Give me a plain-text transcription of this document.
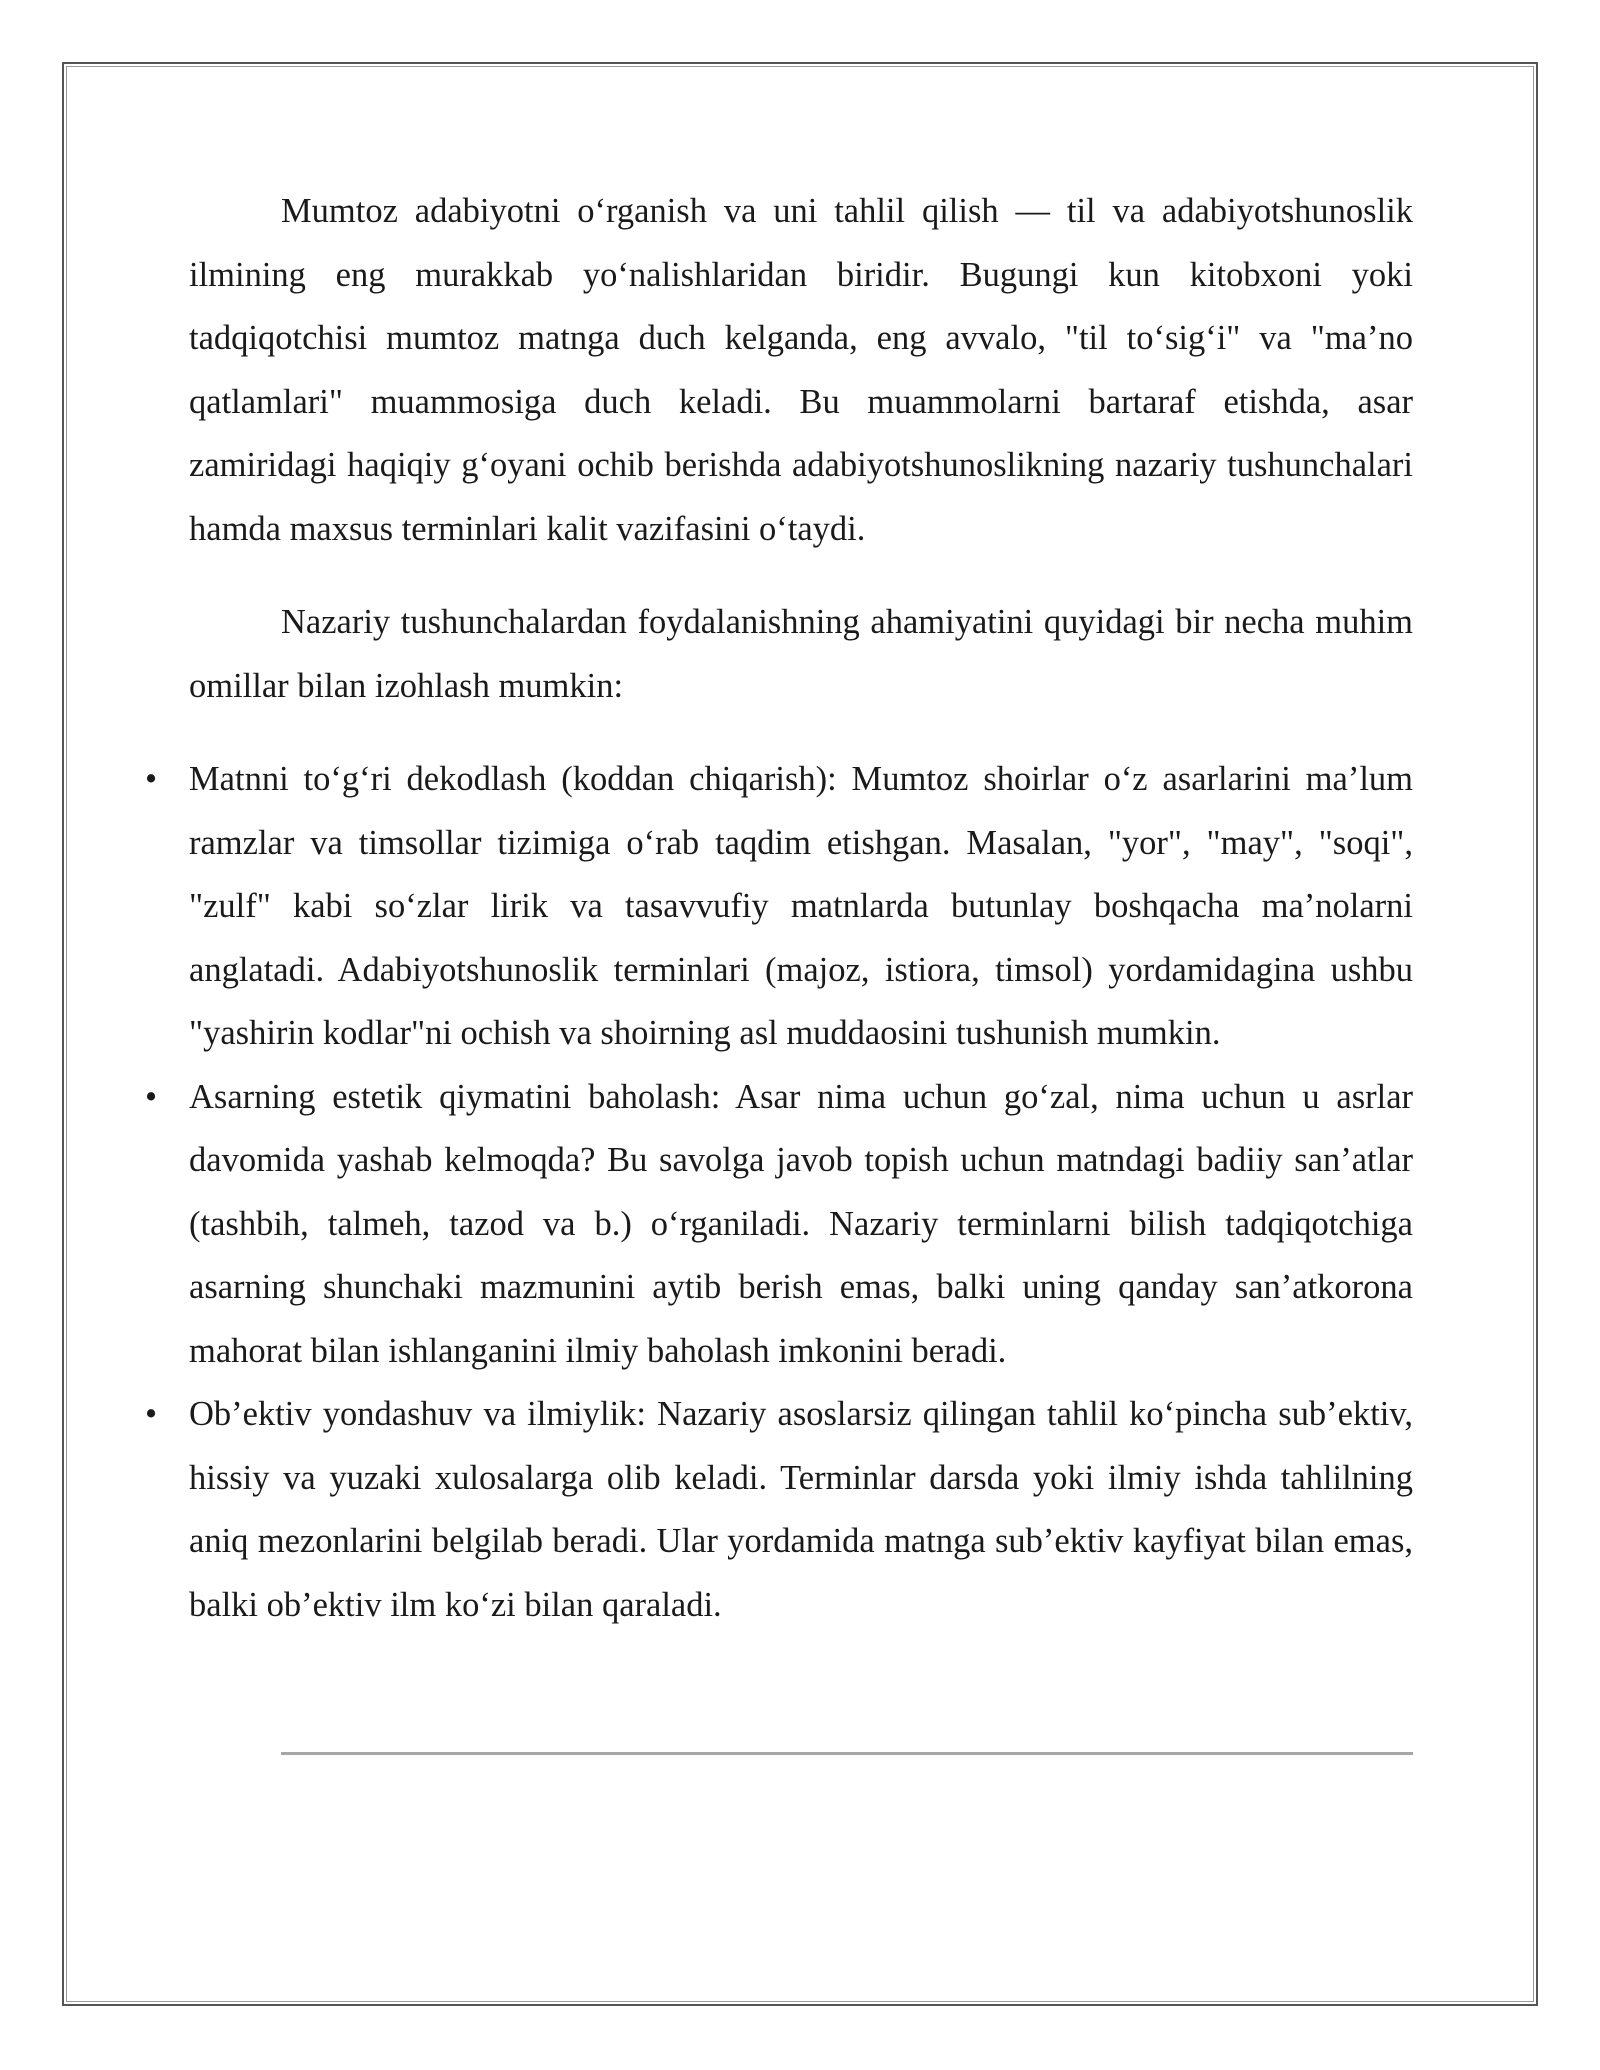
Mumtoz adabiyotni o‘rganish va uni tahlil qilish — til va adabiyotshunoslik ilmining eng murakkab yo‘nalishlaridan biridir. Bugungi kun kitobxoni yoki tadqiqotchisi mumtoz matnga duch kelganda, eng avvalo, "til to‘sig‘i" va "ma’no qatlamlari" muammosiga duch keladi. Bu muammolarni bartaraf etishda, asar zamiridagi haqiqiy g‘oyani ochib berishda adabiyotshunoslikning nazariy tushunchalari hamda maxsus terminlari kalit vazifasini o‘taydi.

Nazariy tushunchalardan foydalanishning ahamiyatini quyidagi bir necha muhim omillar bilan izohlash mumkin:

• Matnni to‘g‘ri dekodlash (koddan chiqarish): Mumtoz shoirlar o‘z asarlarini ma’lum ramzlar va timsollar tizimiga o‘rab taqdim etishgan. Masalan, "yor", "may", "soqi", "zulf" kabi so‘zlar lirik va tasavvufiy matnlarda butunlay boshqacha ma’nolarni anglatadi. Adabiyotshunoslik terminlari (majoz, istiora, timsol) yordamidagina ushbu "yashirin kodlar"ni ochish va shoirning asl muddaosini tushunish mumkin.
• Asarning estetik qiymatini baholash: Asar nima uchun go‘zal, nima uchun u asrlar davomida yashab kelmoqda? Bu savolga javob topish uchun matndagi badiiy san’atlar (tashbih, talmeh, tazod va b.) o‘rganiladi. Nazariy terminlarni bilish tadqiqotchiga asarning shunchaki mazmunini aytib berish emas, balki uning qanday san’atkorona mahorat bilan ishlanganini ilmiy baholash imkonini beradi.
• Ob’ektiv yondashuv va ilmiylik: Nazariy asoslarsiz qilingan tahlil ko‘pincha sub’ektiv, hissiy va yuzaki xulosalarga olib keladi. Terminlar darsda yoki ilmiy ishda tahlilning aniq mezonlarini belgilab beradi. Ular yordamida matnga sub’ektiv kayfiyat bilan emas, balki ob’ektiv ilm ko‘zi bilan qaraladi.
